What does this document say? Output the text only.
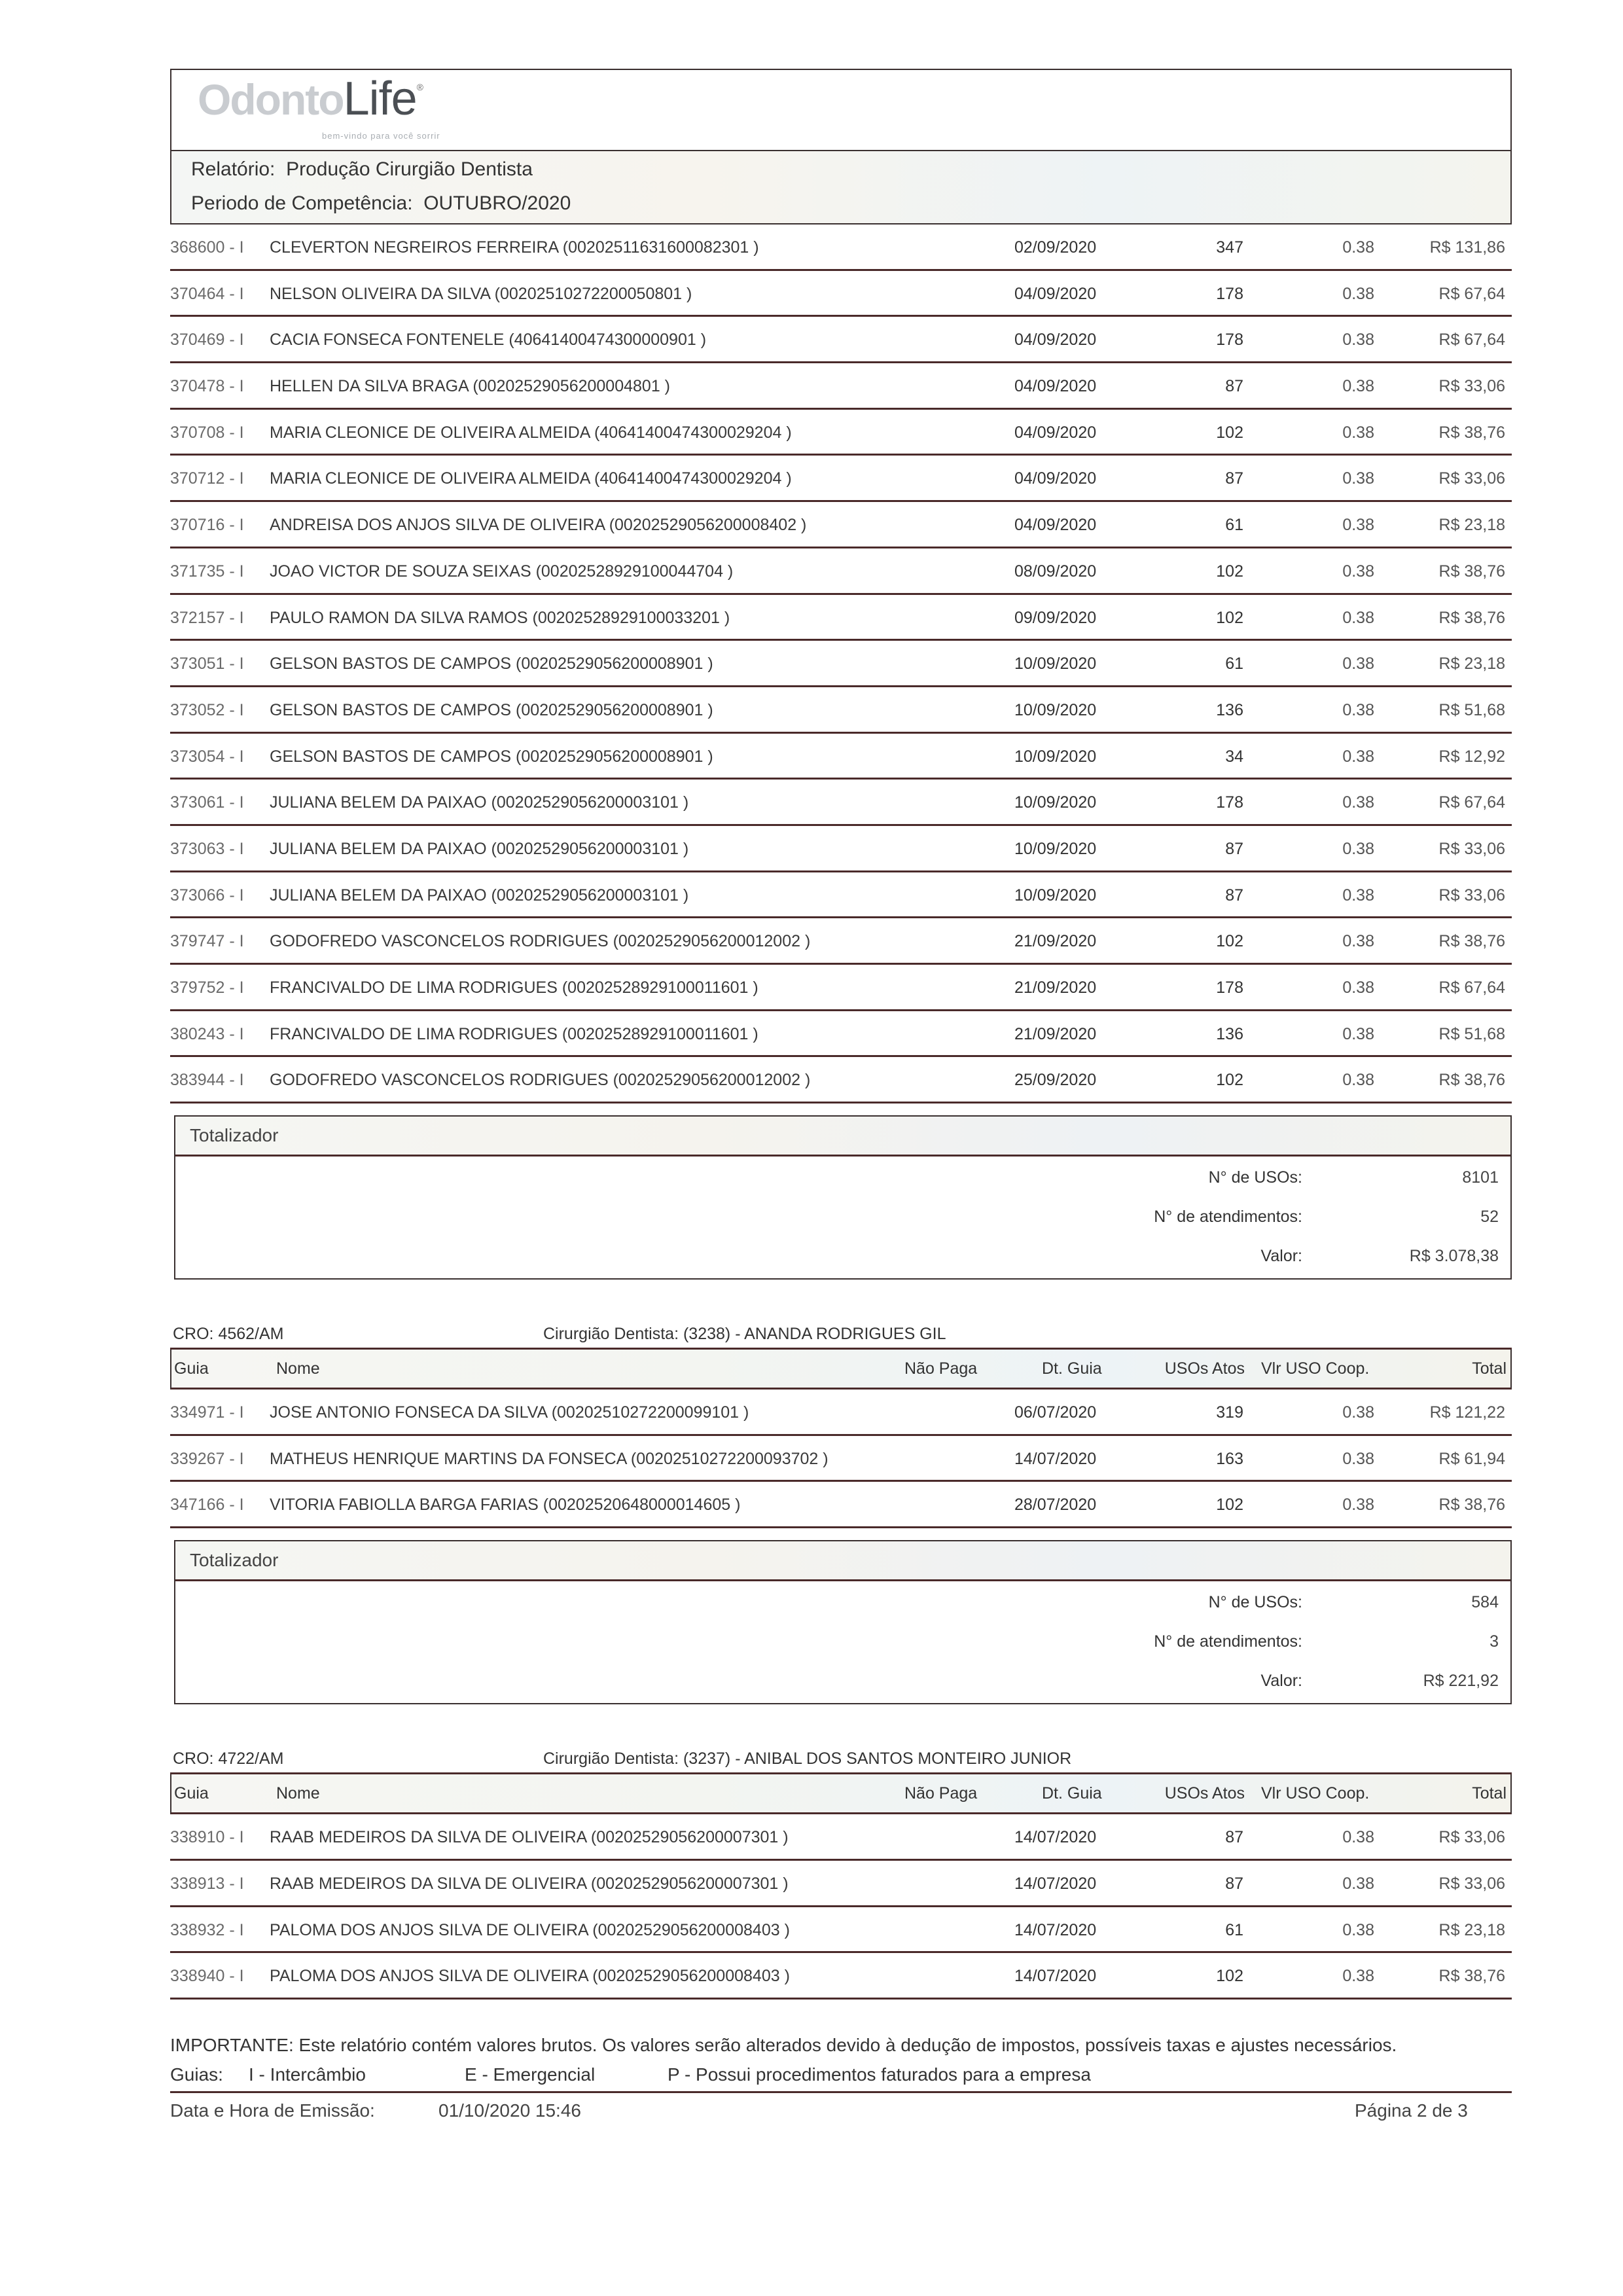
OdontoLife®
bem-vindo para você sorrir
Relatório: Produção Cirurgião Dentista
Periodo de Competência: OUTUBRO/2020
368600 - I	CLEVERTON NEGREIROS FERREIRA (00202511631600082301 )	02/09/2020	347	0.38	R$ 131,86
370464 - I	NELSON OLIVEIRA DA SILVA (00202510272200050801 )	04/09/2020	178	0.38	R$ 67,64
370469 - I	CACIA FONSECA FONTENELE (40641400474300000901 )	04/09/2020	178	0.38	R$ 67,64
370478 - I	HELLEN DA SILVA BRAGA (00202529056200004801 )	04/09/2020	87	0.38	R$ 33,06
370708 - I	MARIA CLEONICE DE OLIVEIRA ALMEIDA (40641400474300029204 )	04/09/2020	102	0.38	R$ 38,76
370712 - I	MARIA CLEONICE DE OLIVEIRA ALMEIDA (40641400474300029204 )	04/09/2020	87	0.38	R$ 33,06
370716 - I	ANDREISA DOS ANJOS SILVA DE OLIVEIRA (00202529056200008402 )	04/09/2020	61	0.38	R$ 23,18
371735 - I	JOAO VICTOR DE SOUZA SEIXAS (00202528929100044704 )	08/09/2020	102	0.38	R$ 38,76
372157 - I	PAULO RAMON DA SILVA RAMOS (00202528929100033201 )	09/09/2020	102	0.38	R$ 38,76
373051 - I	GELSON BASTOS DE CAMPOS (00202529056200008901 )	10/09/2020	61	0.38	R$ 23,18
373052 - I	GELSON BASTOS DE CAMPOS (00202529056200008901 )	10/09/2020	136	0.38	R$ 51,68
373054 - I	GELSON BASTOS DE CAMPOS (00202529056200008901 )	10/09/2020	34	0.38	R$ 12,92
373061 - I	JULIANA BELEM DA PAIXAO (00202529056200003101 )	10/09/2020	178	0.38	R$ 67,64
373063 - I	JULIANA BELEM DA PAIXAO (00202529056200003101 )	10/09/2020	87	0.38	R$ 33,06
373066 - I	JULIANA BELEM DA PAIXAO (00202529056200003101 )	10/09/2020	87	0.38	R$ 33,06
379747 - I	GODOFREDO VASCONCELOS RODRIGUES (00202529056200012002 )	21/09/2020	102	0.38	R$ 38,76
379752 - I	FRANCIVALDO DE LIMA RODRIGUES (00202528929100011601 )	21/09/2020	178	0.38	R$ 67,64
380243 - I	FRANCIVALDO DE LIMA RODRIGUES (00202528929100011601 )	21/09/2020	136	0.38	R$ 51,68
383944 - I	GODOFREDO VASCONCELOS RODRIGUES (00202529056200012002 )	25/09/2020	102	0.38	R$ 38,76
Totalizador
N° de USOs:	8101
N° de atendimentos:	52
Valor:	R$ 3.078,38
CRO: 4562/AM	Cirurgião Dentista: (3238) - ANANDA RODRIGUES GIL
Guia	Nome	Não Paga	Dt. Guia	USOs Atos Vlr USO Coop.	Total
334971 - I	JOSE ANTONIO FONSECA DA SILVA (00202510272200099101 )	06/07/2020	319	0.38	R$ 121,22
339267 - I	MATHEUS HENRIQUE MARTINS DA FONSECA (00202510272200093702 )	14/07/2020	163	0.38	R$ 61,94
347166 - I	VITORIA FABIOLLA BARGA FARIAS (00202520648000014605 )	28/07/2020	102	0.38	R$ 38,76
Totalizador
N° de USOs:	584
N° de atendimentos:	3
Valor:	R$ 221,92
CRO: 4722/AM	Cirurgião Dentista: (3237) - ANIBAL DOS SANTOS MONTEIRO JUNIOR
Guia	Nome	Não Paga	Dt. Guia	USOs Atos Vlr USO Coop.	Total
338910 - I	RAAB MEDEIROS DA SILVA DE OLIVEIRA (00202529056200007301 )	14/07/2020	87	0.38	R$ 33,06
338913 - I	RAAB MEDEIROS DA SILVA DE OLIVEIRA (00202529056200007301 )	14/07/2020	87	0.38	R$ 33,06
338932 - I	PALOMA DOS ANJOS SILVA DE OLIVEIRA (00202529056200008403 )	14/07/2020	61	0.38	R$ 23,18
338940 - I	PALOMA DOS ANJOS SILVA DE OLIVEIRA (00202529056200008403 )	14/07/2020	102	0.38	R$ 38,76
IMPORTANTE: Este relatório contém valores brutos. Os valores serão alterados devido à dedução de impostos, possíveis taxas e ajustes necessários.
Guias: I - Intercâmbio	E - Emergencial	P - Possui procedimentos faturados para a empresa
Data e Hora de Emissão:	01/10/2020 15:46	Página 2 de 3
